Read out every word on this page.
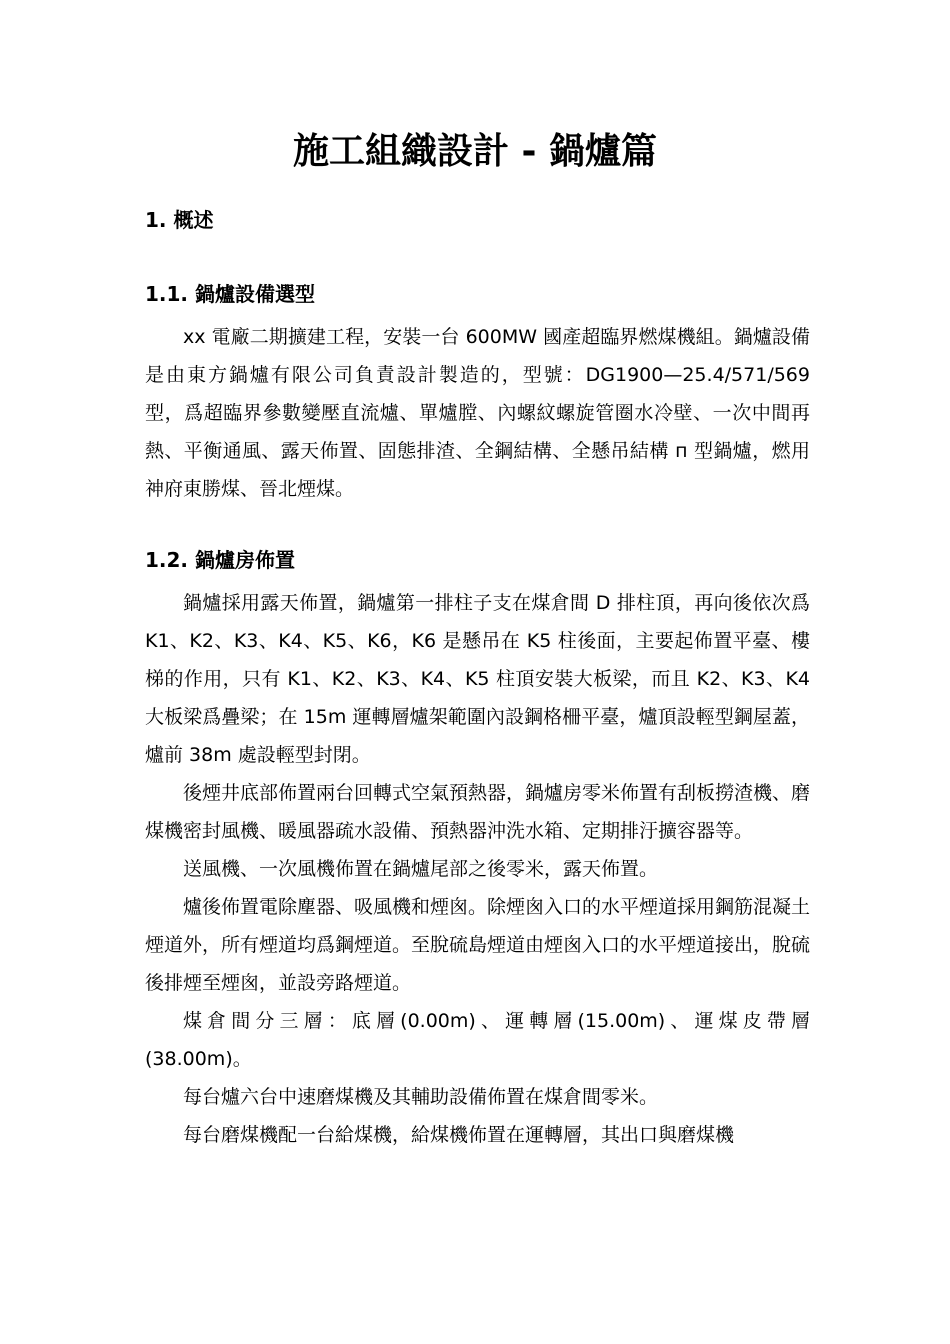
施工組織設計 - 鍋爐篇
1. 概述
1.1. 鍋爐設備選型

xx 電廠二期擴建工程，安裝一台 600MW 國產超臨界燃煤機組。鍋爐設備是由東方鍋爐有限公司負責設計製造的，型號：DG1900—25.4/571/569 型，爲超臨界參數變壓直流爐、單爐膛、內螺紋螺旋管圈水冷壁、一次中間再熱、平衡通風、露天佈置、固態排渣、全鋼結構、全懸吊結構 п 型鍋爐，燃用神府東勝煤、晉北煙煤。

1.2. 鍋爐房佈置

鍋爐採用露天佈置，鍋爐第一排柱子支在煤倉間 D 排柱頂，再向後依次爲 K1、K2、K3、K4、K5、K6，K6 是懸吊在 K5 柱後面，主要起佈置平臺、樓梯的作用，只有 K1、K2、K3、K4、K5 柱頂安裝大板梁，而且 K2、K3、K4 大板梁爲疊梁；在 15m 運轉層爐架範圍內設鋼格柵平臺，爐頂設輕型鋼屋蓋，爐前 38m 處設輕型封閉。

後煙井底部佈置兩台回轉式空氣預熱器，鍋爐房零米佈置有刮板撈渣機、磨煤機密封風機、暖風器疏水設備、預熱器沖洗水箱、定期排汙擴容器等。

送風機、一次風機佈置在鍋爐尾部之後零米，露天佈置。

爐後佈置電除塵器、吸風機和煙囪。除煙囪入口的水平煙道採用鋼筋混凝土煙道外，所有煙道均爲鋼煙道。至脫硫島煙道由煙囪入口的水平煙道接出，脫硫後排煙至煙囪，並設旁路煙道。

煤倉間分三層：底層(0.00m)、運轉層(15.00m)、運煤皮帶層(38.00m)。

每台爐六台中速磨煤機及其輔助設備佈置在煤倉間零米。

每台磨煤機配一台給煤機，給煤機佈置在運轉層，其出口與磨煤機
